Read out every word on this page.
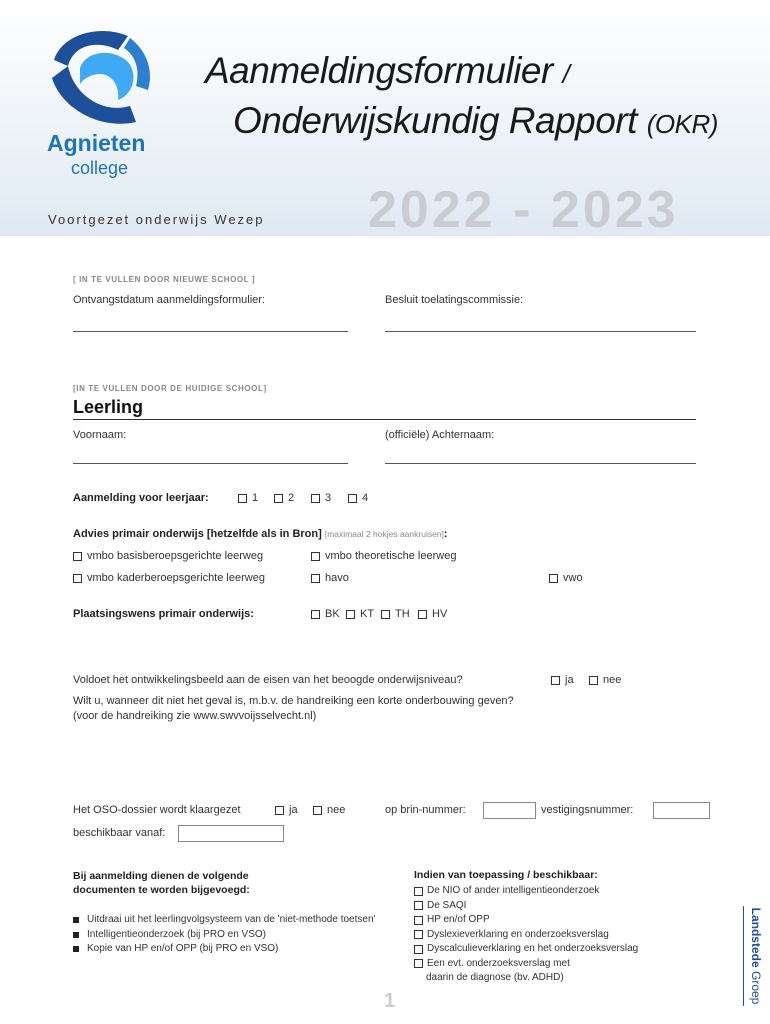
Agnieten
college
Aanmeldingsformulier /
Onderwijskundig Rapport (OKR)
2022 - 2023
Voortgezet onderwijs Wezep
[ IN TE VULLEN DOOR NIEUWE SCHOOL ]
Ontvangstdatum aanmeldingsformulier:	Besluit toelatingscommissie:
[IN TE VULLEN DOOR DE HUIDIGE SCHOOL]
Leerling
Voornaam:	(officiële) Achternaam:
Aanmelding voor leerjaar:	1	2	3	4
Advies primair onderwijs [hetzelfde als in Bron] [maximaal 2 hokjes aankruisen]:
vmbo basisberoepsgerichte leerweg	vmbo theoretische leerweg
vmbo kaderberoepsgerichte leerweg	havo	vwo
Plaatsingswens primair onderwijs:	BK KT TH HV
Voldoet het ontwikkelingsbeeld aan de eisen van het beoogde onderwijsniveau?	ja	nee
Wilt u, wanneer dit niet het geval is, m.b.v. de handreiking een korte onderbouwing geven?
(voor de handreiking zie www.swvvoijsselvecht.nl)
Het OSO-dossier wordt klaargezet	ja	nee	op brin-nummer:	vestigingsnummer:
beschikbaar vanaf:
Bij aanmelding dienen de volgende
documenten te worden bijgevoegd:
Uitdraai uit het leerlingvolgsysteem van de 'niet-methode toetsen'
Intelligentieonderzoek (bij PRO en VSO)
Kopie van HP en/of OPP (bij PRO en VSO)
Indien van toepassing / beschikbaar:
De NIO of ander intelligentieonderzoek
De SAQI
HP en/of OPP
Dyslexieverklaring en onderzoeksverslag
Dyscalculieverklaring en het onderzoeksverslag
Een evt. onderzoeksverslag met
daarin de diagnose (bv. ADHD)
1
Landstede Groep
